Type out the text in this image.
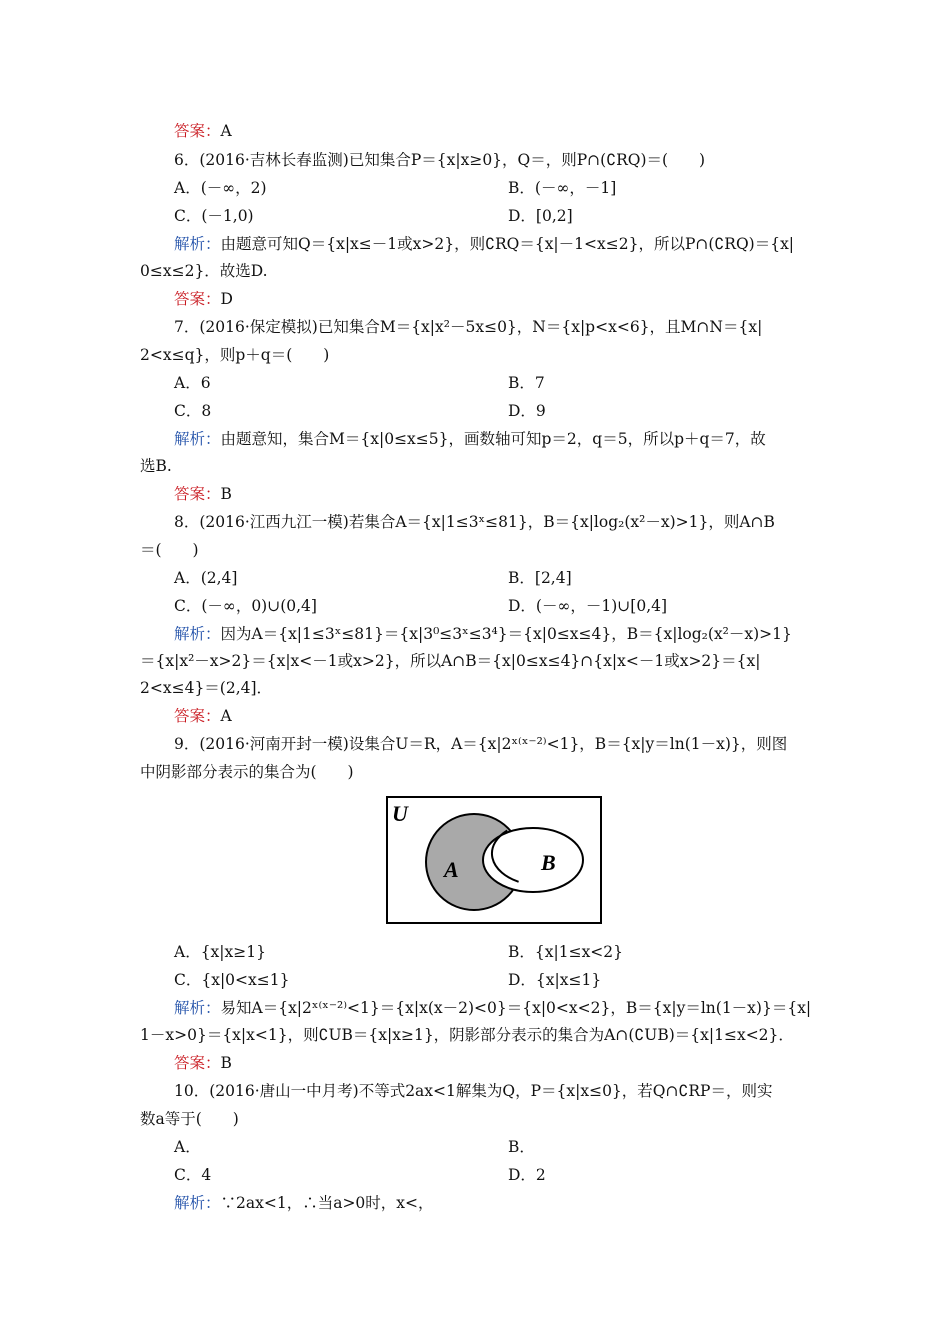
答案：A
6．(2016·吉林长春监测)已知集合P＝{x|x≥0}，Q＝，则P∩(∁RQ)＝(　　)
A．(－∞，2)	B．(－∞，－1]
C．(－1,0)	D．[0,2]
解析：由题意可知Q＝{x|x≤－1或x>2}，则∁RQ＝{x|－1<x≤2}，所以P∩(∁RQ)＝{x|
0≤x≤2}．故选D.
答案：D
7．(2016·保定模拟)已知集合M＝{x|x²－5x≤0}，N＝{x|p<x<6}，且M∩N＝{x|
2<x≤q}，则p＋q＝(　　)
A．6	B．7
C．8	D．9
解析：由题意知，集合M＝{x|0≤x≤5}，画数轴可知p＝2，q＝5，所以p＋q＝7，故
选B.
答案：B
8．(2016·江西九江一模)若集合A＝{x|1≤3ˣ≤81}，B＝{x|log₂(x²－x)>1}，则A∩B
＝(　　)
A．(2,4]	B．[2,4]
C．(－∞，0)∪(0,4]	D．(－∞，－1)∪[0,4]
解析：因为A＝{x|1≤3ˣ≤81}＝{x|3⁰≤3ˣ≤3⁴}＝{x|0≤x≤4}，B＝{x|log₂(x²－x)>1}
＝{x|x²－x>2}＝{x|x<－1或x>2}，所以A∩B＝{x|0≤x≤4}∩{x|x<－1或x>2}＝{x|
2<x≤4}＝(2,4]．
答案：A
9．(2016·河南开封一模)设集合U＝R，A＝{x|2ˣ⁽ˣ⁻²⁾<1}，B＝{x|y＝ln(1－x)}，则图
中阴影部分表示的集合为(　　)
U
A	B
A．{x|x≥1}	B．{x|1≤x<2}
C．{x|0<x≤1}	D．{x|x≤1}
解析：易知A＝{x|2ˣ⁽ˣ⁻²⁾<1}＝{x|x(x－2)<0}＝{x|0<x<2}，B＝{x|y＝ln(1－x)}＝{x|
1－x>0}＝{x|x<1}，则∁UB＝{x|x≥1}，阴影部分表示的集合为A∩(∁UB)＝{x|1≤x<2}．
答案：B
10．(2016·唐山一中月考)不等式2ax<1解集为Q，P＝{x|x≤0}，若Q∩∁RP＝，则实
数a等于(　　)
A．	B．
C．4	D．2
解析：∵2ax<1，∴当a>0时，x<，
